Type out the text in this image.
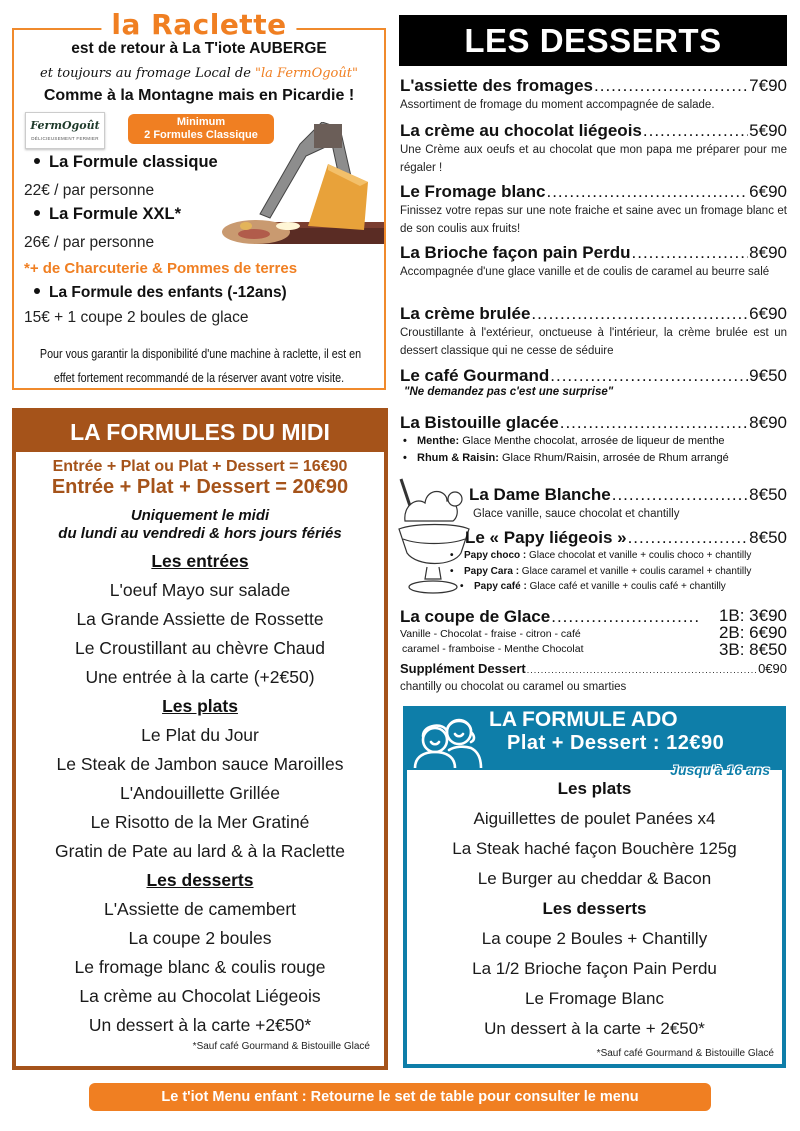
la Raclette
est de retour à La T'iote AUBERGE
et toujours au fromage Local de "la FermOgoût"
Comme à la Montagne mais en Picardie !
FermOgoût
DÉLICIEUSEMENT FERMIER
Minimum
2 Formules Classique
La Formule classique
22€ / par personne
La Formule XXL*
26€ / par personne
*+ de Charcuterie & Pommes de terres
La Formule des enfants (-12ans)
15€ + 1 coupe 2 boules de glace
Pour vous garantir la disponibilité d'une machine à raclette, il est en
effet fortement recommandé de la réserver avant votre visite.
LA FORMULES DU MIDI
Entrée + Plat ou Plat + Dessert = 16€90
Entrée + Plat + Dessert = 20€90
Uniquement le midi
du lundi au vendredi & hors jours fériés
Les entrées
L'oeuf Mayo sur salade
La Grande Assiette de Rossette
Le Croustillant au chèvre Chaud
Une entrée à la carte (+2€50)
Les plats
Le Plat du Jour
Le Steak de Jambon sauce Maroilles
L'Andouillette Grillée
Le Risotto de la Mer Gratiné
Gratin de Pate au lard & à la Raclette
Les desserts
L'Assiette de camembert
La coupe 2 boules
Le fromage blanc & coulis rouge
La crème au Chocolat Liégeois
Un dessert à la carte +2€50*
*Sauf café Gourmand & Bistouille Glacé
LES DESSERTS
L'assiette des fromages .....	7€90
Assortiment de fromage du moment accompagnée de salade.
La crème au chocolat liégeois .....	5€90
Une Crème aux oeufs et au chocolat que mon papa me préparer pour me régaler !
Le Fromage blanc .....	6€90
Finissez votre repas sur une note fraiche et saine avec un fromage blanc et de son coulis aux fruits!
La Brioche façon pain Perdu .....	8€90
Accompagnée d'une glace vanille et de coulis de caramel au beurre salé
La crème brulée .....	6€90
Croustillante à l'extérieur, onctueuse à l'intérieur, la crème brulée est un dessert classique qui ne cesse de séduire
Le café Gourmand .....	9€50
"Ne demandez pas c'est une surprise"
La Bistouille glacée .....	8€90
• Menthe: Glace Menthe chocolat, arrosée de liqueur de menthe
• Rhum & Raisin: Glace Rhum/Raisin, arrosée de Rhum arrangé
La Dame Blanche .....	8€50
Glace vanille, sauce chocolat et chantilly
Le « Papy liégeois » .....	8€50
• Papy choco : Glace chocolat et vanille + coulis choco + chantilly
• Papy Cara : Glace caramel et vanille + coulis caramel + chantilly
• Papy café : Glace café et vanille + coulis café + chantilly
La coupe de Glace
.....
Vanille - Chocolat - fraise - citron - café
caramel - framboise - Menthe Chocolat
1B: 3€90
2B: 6€90
3B: 8€50
Supplément Dessert .....	0€90
chantilly ou chocolat ou caramel ou smarties
LA FORMULE ADO
Plat + Dessert : 12€90
Jusqu'à 16 ans
Les plats
Aiguillettes de poulet Panées x4
La Steak haché façon Bouchère 125g
Le Burger au cheddar & Bacon
Les desserts
La coupe 2 Boules + Chantilly
La 1/2 Brioche façon Pain Perdu
Le Fromage Blanc
Un dessert à la carte + 2€50*
*Sauf café Gourmand & Bistouille Glacé
Le t'iot Menu enfant : Retourne le set de table pour consulter le menu
